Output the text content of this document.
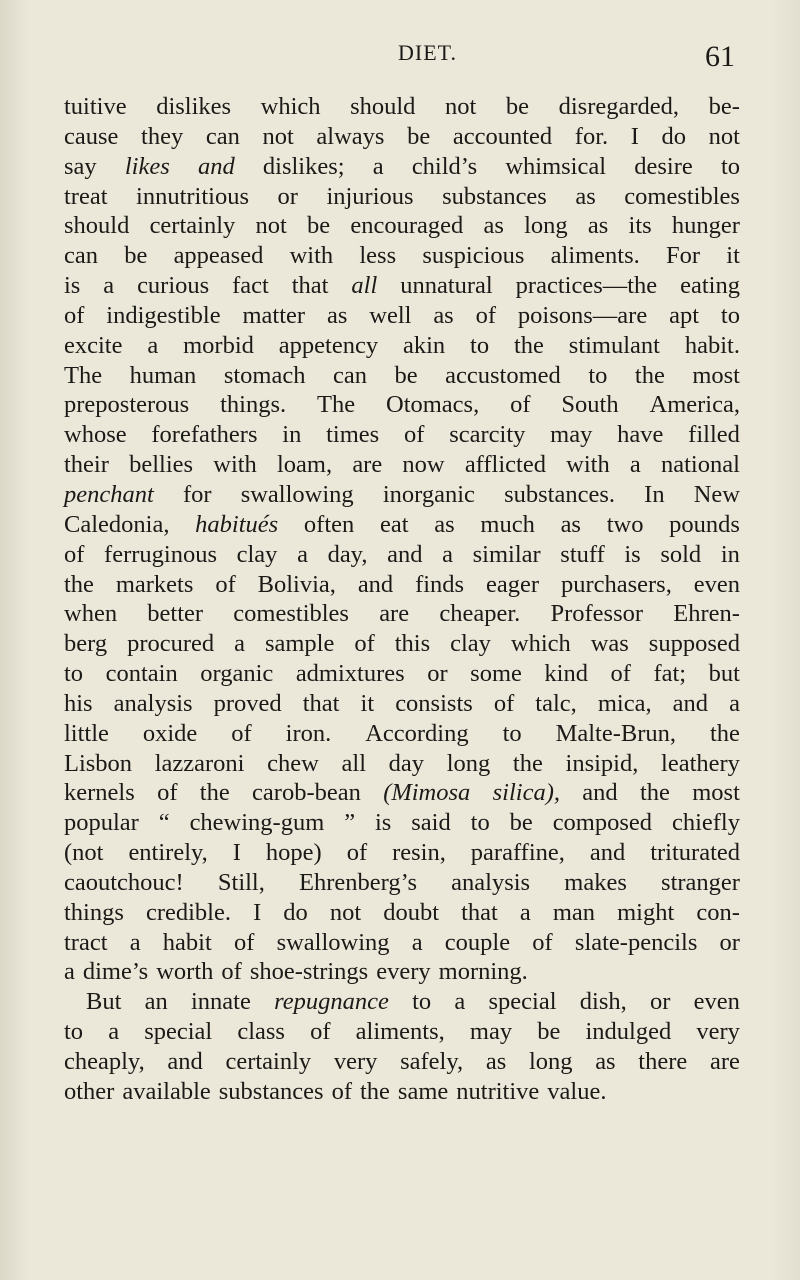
DIET.	61
tuitive dislikes which should not be disregarded, be-
cause they can not always be accounted for. I do not
say likes and dislikes; a child’s whimsical desire to
treat innutritious or injurious substances as comestibles
should certainly not be encouraged as long as its hunger
can be appeased with less suspicious aliments. For it
is a curious fact that all unnatural practices—the eating
of indigestible matter as well as of poisons—are apt to
excite a morbid appetency akin to the stimulant habit.
The human stomach can be accustomed to the most
preposterous things. The Otomacs, of South America,
whose forefathers in times of scarcity may have filled
their bellies with loam, are now afflicted with a national
penchant for swallowing inorganic substances. In New
Caledonia, habitués often eat as much as two pounds
of ferruginous clay a day, and a similar stuff is sold in
the markets of Bolivia, and finds eager purchasers, even
when better comestibles are cheaper. Professor Ehren-
berg procured a sample of this clay which was supposed
to contain organic admixtures or some kind of fat; but
his analysis proved that it consists of talc, mica, and a
little oxide of iron. According to Malte-Brun, the
Lisbon lazzaroni chew all day long the insipid, leathery
kernels of the carob-bean (Mimosa silica), and the most
popular “ chewing-gum ” is said to be composed chiefly
(not entirely, I hope) of resin, paraffine, and triturated
caoutchouc! Still, Ehrenberg’s analysis makes stranger
things credible. I do not doubt that a man might con-
tract a habit of swallowing a couple of slate-pencils or
a dime’s worth of shoe-strings every morning.
But an innate repugnance to a special dish, or even
to a special class of aliments, may be indulged very
cheaply, and certainly very safely, as long as there are
other available substances of the same nutritive value.
